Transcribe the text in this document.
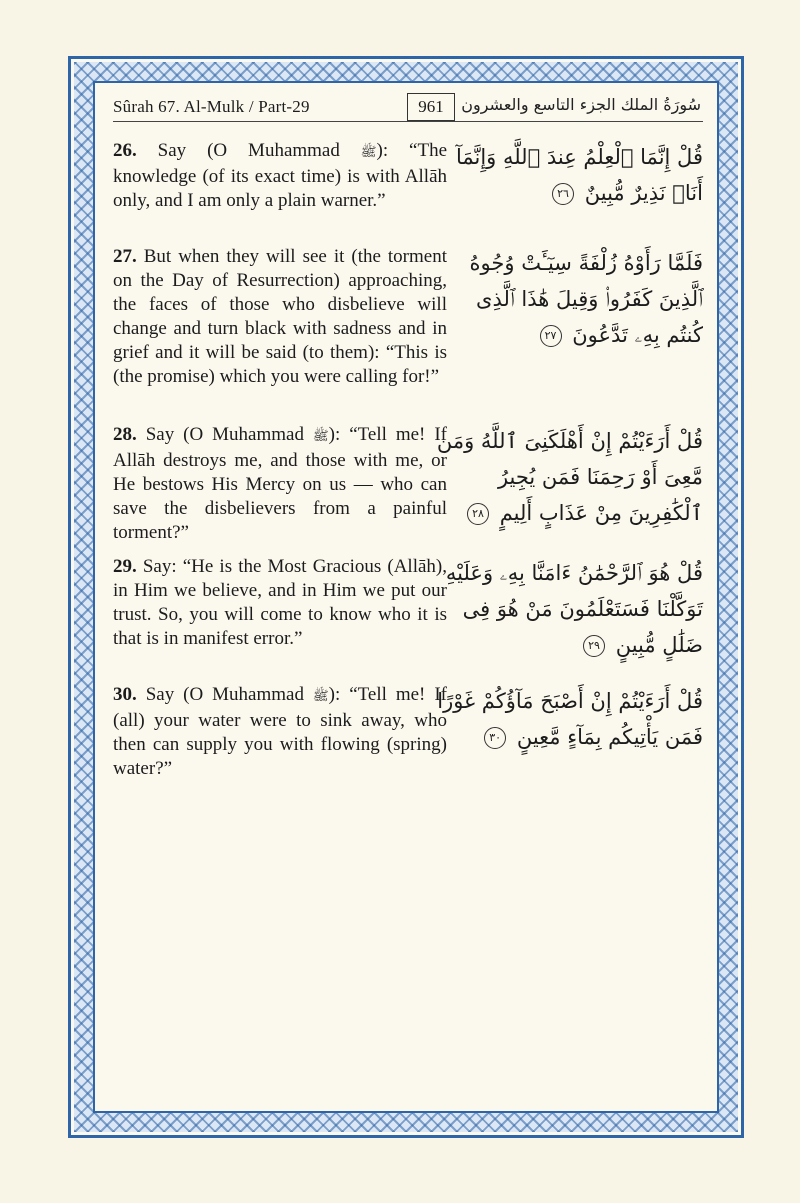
Sûrah 67. Al-Mulk / Part-29	961	سُورَةُ الملك الجزء التاسع والعشرون
26. Say (O Muhammad ﷺ): “The knowledge (of its exact time) is with Allāh only, and I am only a plain warner.”
قُلْ إِنَّمَا ٱلْعِلْمُ عِندَ ٱللَّهِ وَإِنَّمَآ أَنَا۠ نَذِيرٌ مُّبِينٌ ٢٦
27. But when they will see it (the torment on the Day of Resurrection) approaching, the faces of those who disbelieve will change and turn black with sadness and in grief and it will be said (to them): “This is (the promise) which you were calling for!”
فَلَمَّا رَأَوْهُ زُلْفَةً سِيٓـَٔتْ وُجُوهُ ٱلَّذِينَ كَفَرُوا۟ وَقِيلَ هَٰذَا ٱلَّذِى كُنتُم بِهِۦ تَدَّعُونَ ٢٧
28. Say (O Muhammad ﷺ): “Tell me! If Allāh destroys me, and those with me, or He bestows His Mercy on us — who can save the disbelievers from a painful torment?”
قُلْ أَرَءَيْتُمْ إِنْ أَهْلَكَنِىَ ٱللَّهُ وَمَن مَّعِىَ أَوْ رَحِمَنَا فَمَن يُجِيرُ ٱلْكَٰفِرِينَ مِنْ عَذَابٍ أَلِيمٍ ٢٨
29. Say: “He is the Most Gracious (Allāh), in Him we believe, and in Him we put our trust. So, you will come to know who it is that is in manifest error.”
قُلْ هُوَ ٱلرَّحْمَٰنُ ءَامَنَّا بِهِۦ وَعَلَيْهِ تَوَكَّلْنَا فَسَتَعْلَمُونَ مَنْ هُوَ فِى ضَلَٰلٍ مُّبِينٍ ٢٩
30. Say (O Muhammad ﷺ): “Tell me! If (all) your water were to sink away, who then can supply you with flowing (spring) water?”
قُلْ أَرَءَيْتُمْ إِنْ أَصْبَحَ مَآؤُكُمْ غَوْرًا فَمَن يَأْتِيكُم بِمَآءٍ مَّعِينٍ ٣٠
